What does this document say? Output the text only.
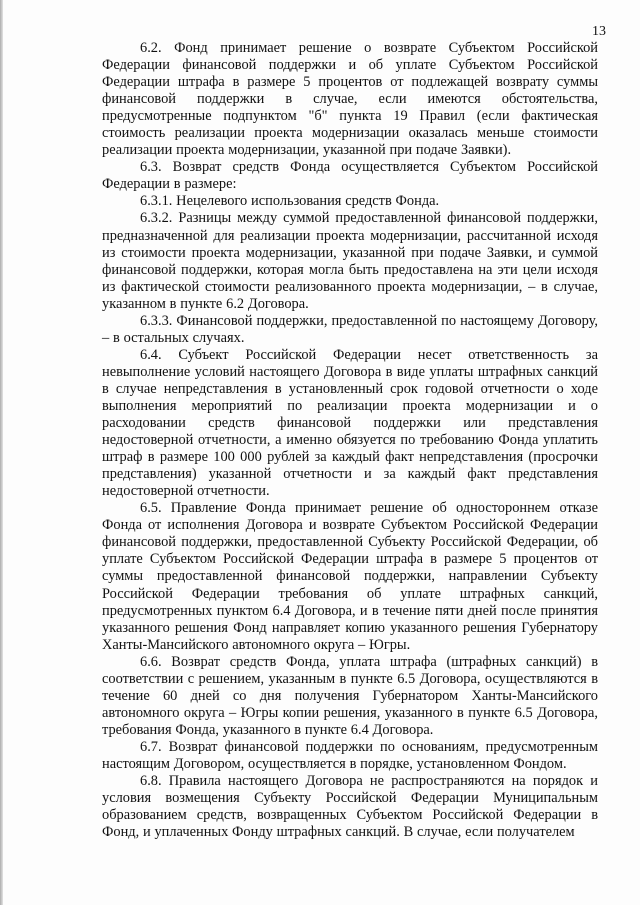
13

6.2. Фонд принимает решение о возврате Субъектом Российской Федерации финансовой поддержки и об уплате Субъектом Российской Федерации штрафа в размере 5 процентов от подлежащей возврату суммы финансовой поддержки в случае, если имеются обстоятельства, предусмотренные подпунктом "б" пункта 19 Правил (если фактическая стоимость реализации проекта модернизации оказалась меньше стоимости реализации проекта модернизации, указанной при подаче Заявки).

6.3. Возврат средств Фонда осуществляется Субъектом Российской Федерации в размере:

6.3.1. Нецелевого использования средств Фонда.

6.3.2. Разницы между суммой предоставленной финансовой поддержки, предназначенной для реализации проекта модернизации, рассчитанной исходя из стоимости проекта модернизации, указанной при подаче Заявки, и суммой финансовой поддержки, которая могла быть предоставлена на эти цели исходя из фактической стоимости реализованного проекта модернизации, – в случае, указанном в пункте 6.2 Договора.

6.3.3. Финансовой поддержки, предоставленной по настоящему Договору, – в остальных случаях.

6.4. Субъект Российской Федерации несет ответственность за невыполнение условий настоящего Договора в виде уплаты штрафных санкций в случае непредставления в установленный срок годовой отчетности о ходе выполнения мероприятий по реализации проекта модернизации и о расходовании средств финансовой поддержки или представления недостоверной отчетности, а именно обязуется по требованию Фонда уплатить штраф в размере 100 000 рублей за каждый факт непредставления (просрочки представления) указанной отчетности и за каждый факт представления недостоверной отчетности.

6.5. Правление Фонда принимает решение об одностороннем отказе Фонда от исполнения Договора и возврате Субъектом Российской Федерации финансовой поддержки, предоставленной Субъекту Российской Федерации, об уплате Субъектом Российской Федерации штрафа в размере 5 процентов от суммы предоставленной финансовой поддержки, направлении Субъекту Российской Федерации требования об уплате штрафных санкций, предусмотренных пунктом 6.4 Договора, и в течение пяти дней после принятия указанного решения Фонд направляет копию указанного решения Губернатору Ханты-Мансийского автономного округа – Югры.

6.6. Возврат средств Фонда, уплата штрафа (штрафных санкций) в соответствии с решением, указанным в пункте 6.5 Договора, осуществляются в течение 60 дней со дня получения Губернатором Ханты-Мансийского автономного округа – Югры копии решения, указанного в пункте 6.5 Договора, требования Фонда, указанного в пункте 6.4 Договора.

6.7. Возврат финансовой поддержки по основаниям, предусмотренным настоящим Договором, осуществляется в порядке, установленном Фондом.

6.8. Правила настоящего Договора не распространяются на порядок и условия возмещения Субъекту Российской Федерации Муниципальным образованием средств, возвращенных Субъектом Российской Федерации в Фонд, и уплаченных Фонду штрафных санкций. В случае, если получателем
